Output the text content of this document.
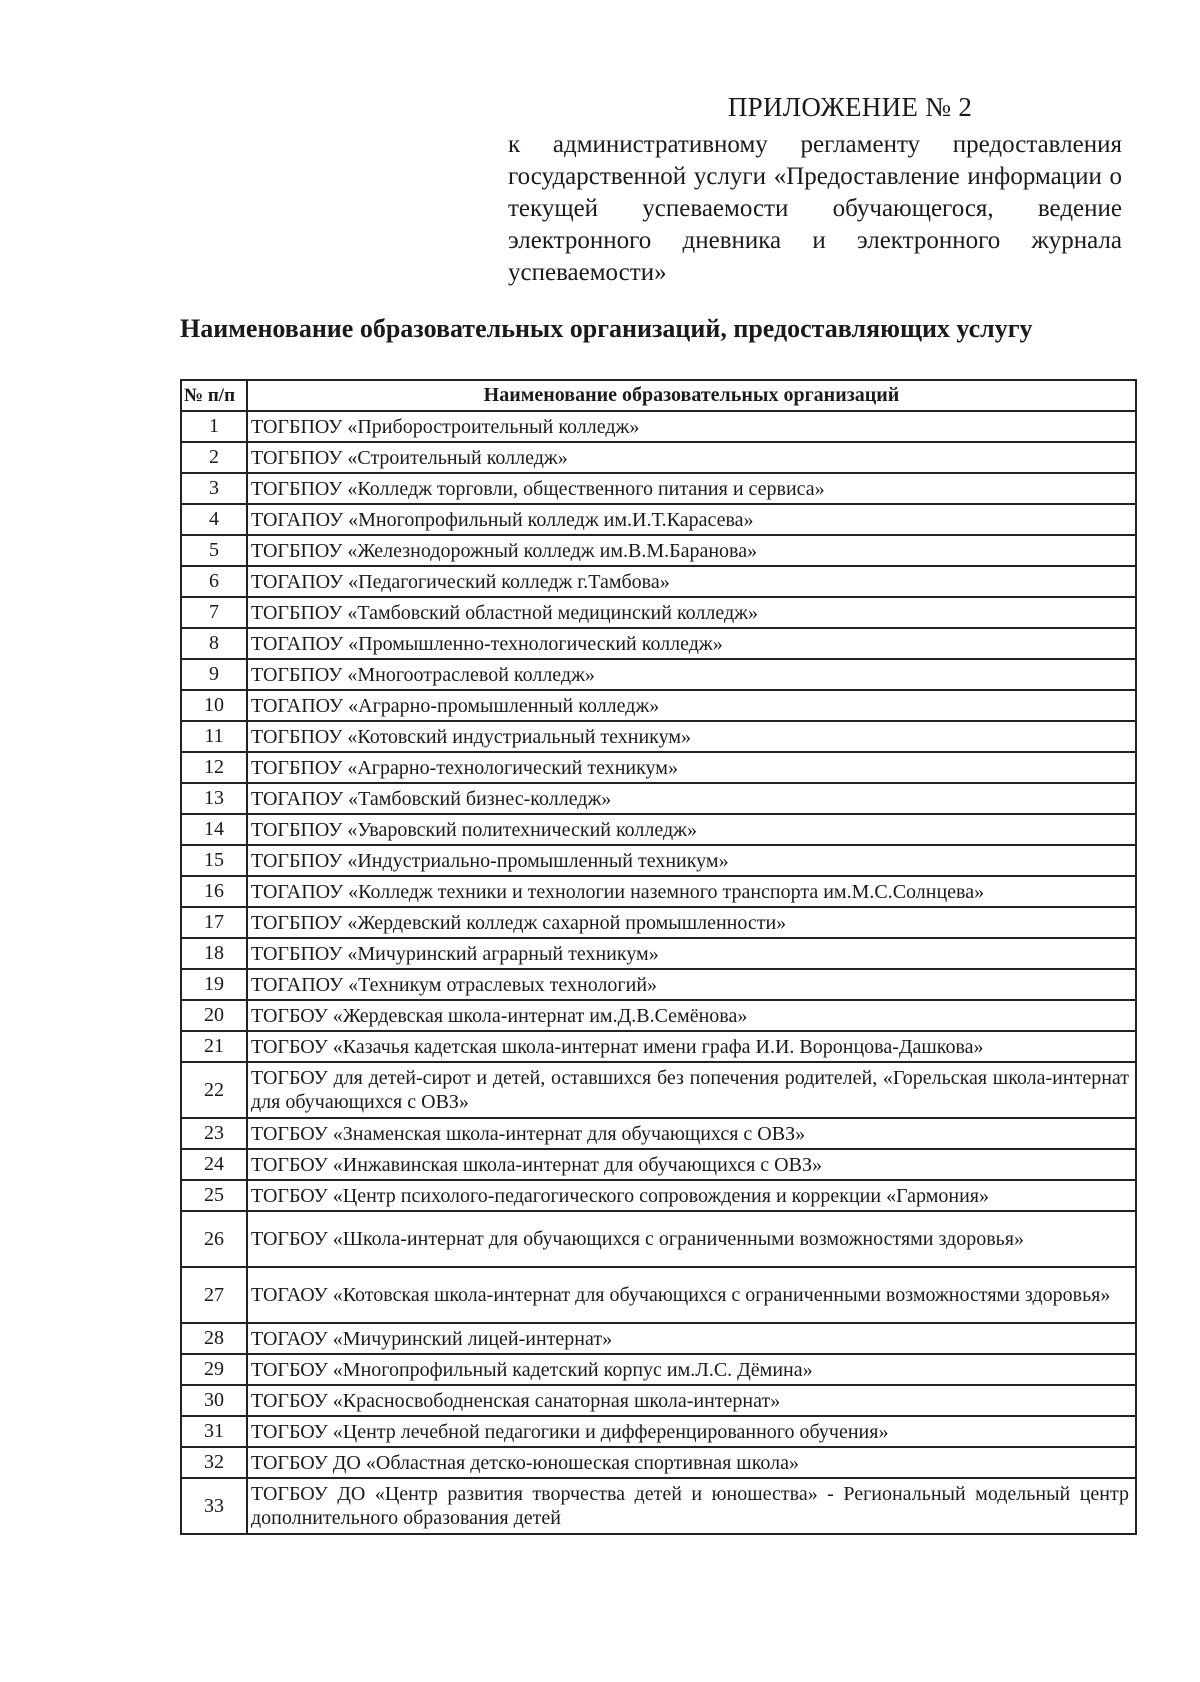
ПРИЛОЖЕНИЕ № 2

к административному регламенту предоставления государственной услуги «Предоставление информации о текущей успеваемости обучающегося, ведение электронного дневника и электронного журнала успеваемости»

Наименование образовательных организаций, предоставляющих услугу
№ п/п	Наименование образовательных организаций
1	ТОГБПОУ «Приборостроительный колледж»
2	ТОГБПОУ «Строительный колледж»
3	ТОГБПОУ «Колледж торговли, общественного питания и сервиса»
4	ТОГАПОУ «Многопрофильный колледж им.И.Т.Карасева»
5	ТОГБПОУ «Железнодорожный колледж им.В.М.Баранова»
6	ТОГАПОУ «Педагогический колледж г.Тамбова»
7	ТОГБПОУ «Тамбовский областной медицинский колледж»
8	ТОГАПОУ «Промышленно-технологический колледж»
9	ТОГБПОУ «Многоотраслевой колледж»
10	ТОГАПОУ «Аграрно-промышленный колледж»
11	ТОГБПОУ «Котовский индустриальный техникум»
12	ТОГБПОУ «Аграрно-технологический техникум»
13	ТОГАПОУ «Тамбовский бизнес-колледж»
14	ТОГБПОУ «Уваровский политехнический колледж»
15	ТОГБПОУ «Индустриально-промышленный техникум»
16	ТОГАПОУ «Колледж техники и технологии наземного транспорта им.М.С.Солнцева»
17	ТОГБПОУ «Жердевский колледж сахарной промышленности»
18	ТОГБПОУ «Мичуринский аграрный техникум»
19	ТОГАПОУ «Техникум отраслевых технологий»
20	ТОГБОУ «Жердевская школа-интернат им.Д.В.Семёнова»
21	ТОГБОУ «Казачья кадетская школа-интернат имени графа И.И. Воронцова-Дашкова»
22	ТОГБОУ для детей-сирот и детей, оставшихся без попечения родителей, «Горельская школа-интернат для обучающихся с ОВЗ»
23	ТОГБОУ «Знаменская школа-интернат для обучающихся с ОВЗ»
24	ТОГБОУ «Инжавинская школа-интернат для обучающихся с ОВЗ»
25	ТОГБОУ «Центр психолого-педагогического сопровождения и коррекции «Гармония»
26	ТОГБОУ «Школа-интернат для обучающихся с ограниченными возможностями здоровья»
27	ТОГАОУ «Котовская школа-интернат для обучающихся с ограниченными возможностями здоровья»
28	ТОГАОУ «Мичуринский лицей-интернат»
29	ТОГБОУ «Многопрофильный кадетский корпус им.Л.С. Дёмина»
30	ТОГБОУ «Красносвободненская санаторная школа-интернат»
31	ТОГБОУ «Центр лечебной педагогики и дифференцированного обучения»
32	ТОГБОУ ДО «Областная детско-юношеская спортивная школа»
33	ТОГБОУ ДО «Центр развития творчества детей и юношества» - Региональный модельный центр дополнительного образования детей
